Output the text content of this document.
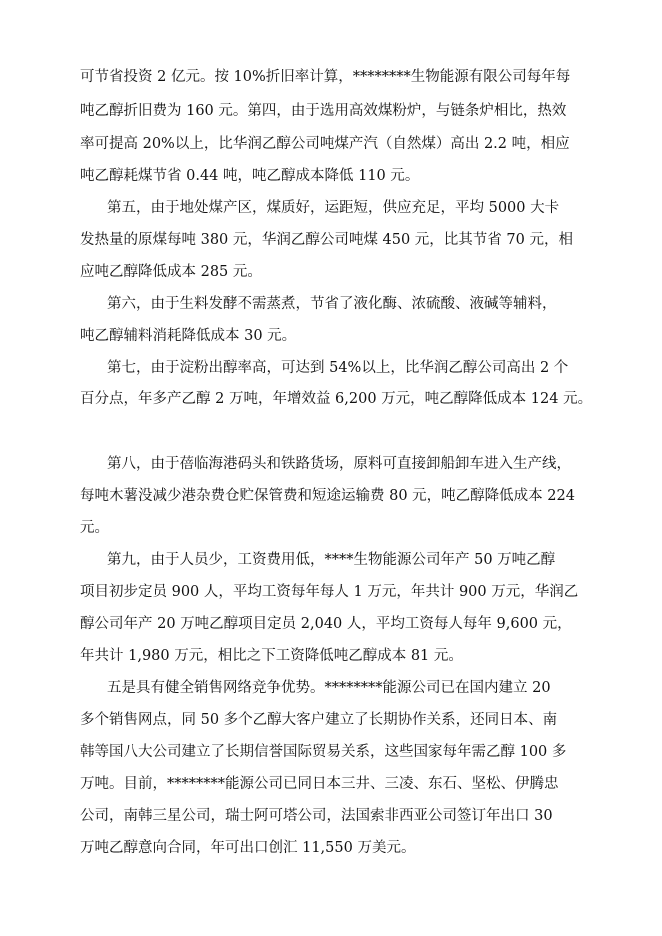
可节省投资 2 亿元。按 10%折旧率计算，********生物能源有限公司每年每
吨乙醇折旧费为 160 元。第四，由于选用高效煤粉炉，与链条炉相比，热效
率可提高 20%以上，比华润乙醇公司吨煤产汽（自然煤）高出 2.2 吨，相应
吨乙醇耗煤节省 0.44 吨，吨乙醇成本降低 110 元。
第五，由于地处煤产区，煤质好，运距短，供应充足，平均 5000 大卡
发热量的原煤每吨 380 元，华润乙醇公司吨煤 450 元，比其节省 70 元，相
应吨乙醇降低成本 285 元。
第六，由于生料发酵不需蒸煮，节省了液化酶、浓硫酸、液碱等辅料，
吨乙醇辅料消耗降低成本 30 元。
第七，由于淀粉出醇率高，可达到 54%以上，比华润乙醇公司高出 2 个
百分点，年多产乙醇 2 万吨，年增效益 6,200 万元，吨乙醇降低成本 124 元。
第八，由于蓓临海港码头和铁路货场，原料可直接卸船卸车进入生产线，
每吨木薯没减少港杂费仓贮保管费和短途运输费 80 元，吨乙醇降低成本 224
元。
第九，由于人员少，工资费用低，****生物能源公司年产 50 万吨乙醇
项目初步定员 900 人，平均工资每年每人 1 万元，年共计 900 万元，华润乙
醇公司年产 20 万吨乙醇项目定员 2,040 人，平均工资每人每年 9,600 元，
年共计 1,980 万元，相比之下工资降低吨乙醇成本 81 元。
五是具有健全销售网络竞争优势。********能源公司已在国内建立 20
多个销售网点，同 50 多个乙醇大客户建立了长期协作关系，还同日本、南
韩等国八大公司建立了长期信誉国际贸易关系，这些国家每年需乙醇 100 多
万吨。目前，********能源公司已同日本三井、三凌、东石、坚松、伊腾忠
公司，南韩三星公司，瑞士阿可塔公司，法国索非西亚公司签订年出口 30
万吨乙醇意向合同，年可出口创汇 11,550 万美元。
